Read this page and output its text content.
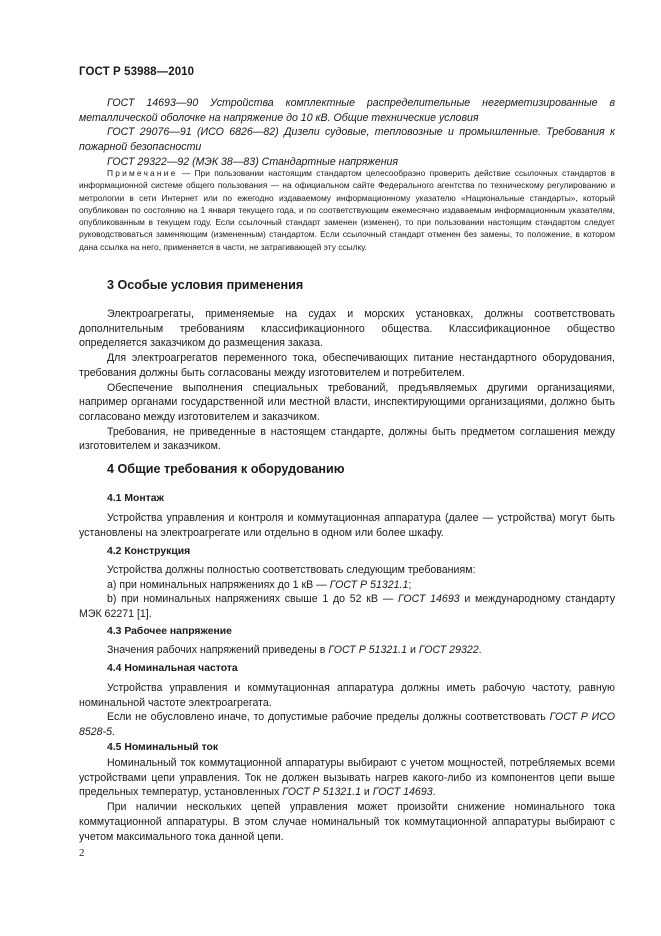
ГОСТ Р 53988—2010

ГОСТ 14693—90 Устройства комплектные распределительные негерметизированные в металлической оболочке на напряжение до 10 кВ. Общие технические условия

ГОСТ 29076—91 (ИСО 6826—82) Дизели судовые, тепловозные и промышленные. Требования к пожарной безопасности

ГОСТ 29322—92 (МЭК 38—83) Стандартные напряжения

Примечание — При пользовании настоящим стандартом целесообразно проверить действие ссылочных стандартов в информационной системе общего пользования — на официальном сайте Федерального агентства по техническому регулированию и метрологии в сети Интернет или по ежегодно издаваемому информационному указателю «Национальные стандарты», который опубликован по состоянию на 1 января текущего года, и по соответствующим ежемесячно издаваемым информационным указателям, опубликованным в текущем году. Если ссылочный стандарт заменен (изменен), то при пользовании настоящим стандартом следует руководствоваться заменяющим (измененным) стандартом. Если ссылочный стандарт отменен без замены, то положение, в котором дана ссылка на него, применяется в части, не затрагивающей эту ссылку.

3 Особые условия применения

Электроагрегаты, применяемые на судах и морских установках, должны соответствовать дополнительным требованиям классификационного общества. Классификационное общество определяется заказчиком до размещения заказа.

Для электроагрегатов переменного тока, обеспечивающих питание нестандартного оборудования, требования должны быть согласованы между изготовителем и потребителем.

Обеспечение выполнения специальных требований, предъявляемых другими организациями, например органами государственной или местной власти, инспектирующими организациями, должно быть согласовано между изготовителем и заказчиком.

Требования, не приведенные в настоящем стандарте, должны быть предметом соглашения между изготовителем и заказчиком.

4 Общие требования к оборудованию
4.1 Монтаж

Устройства управления и контроля и коммутационная аппаратура (далее — устройства) могут быть установлены на электроагрегате или отдельно в одном или более шкафу.

4.2 Конструкция

Устройства должны полностью соответствовать следующим требованиям:

a) при номинальных напряжениях до 1 кВ — ГОСТ Р 51321.1;

b) при номинальных напряжениях свыше 1 до 52 кВ — ГОСТ 14693 и международному стандарту МЭК 62271 [1].

4.3 Рабочее напряжение

Значения рабочих напряжений приведены в ГОСТ Р 51321.1 и ГОСТ 29322.

4.4 Номинальная частота

Устройства управления и коммутационная аппаратура должны иметь рабочую частоту, равную номинальной частоте электроагрегата.

Если не обусловлено иначе, то допустимые рабочие пределы должны соответствовать ГОСТ Р ИСО 8528-5.

4.5 Номинальный ток

Номинальный ток коммутационной аппаратуры выбирают с учетом мощностей, потребляемых всеми устройствами цепи управления. Ток не должен вызывать нагрев какого-либо из компонентов цепи выше предельных температур, установленных ГОСТ Р 51321.1 и ГОСТ 14693.

При наличии нескольких цепей управления может произойти снижение номинального тока коммутационной аппаратуры. В этом случае номинальный ток коммутационной аппаратуры выбирают с учетом максимального тока данной цепи.

2
